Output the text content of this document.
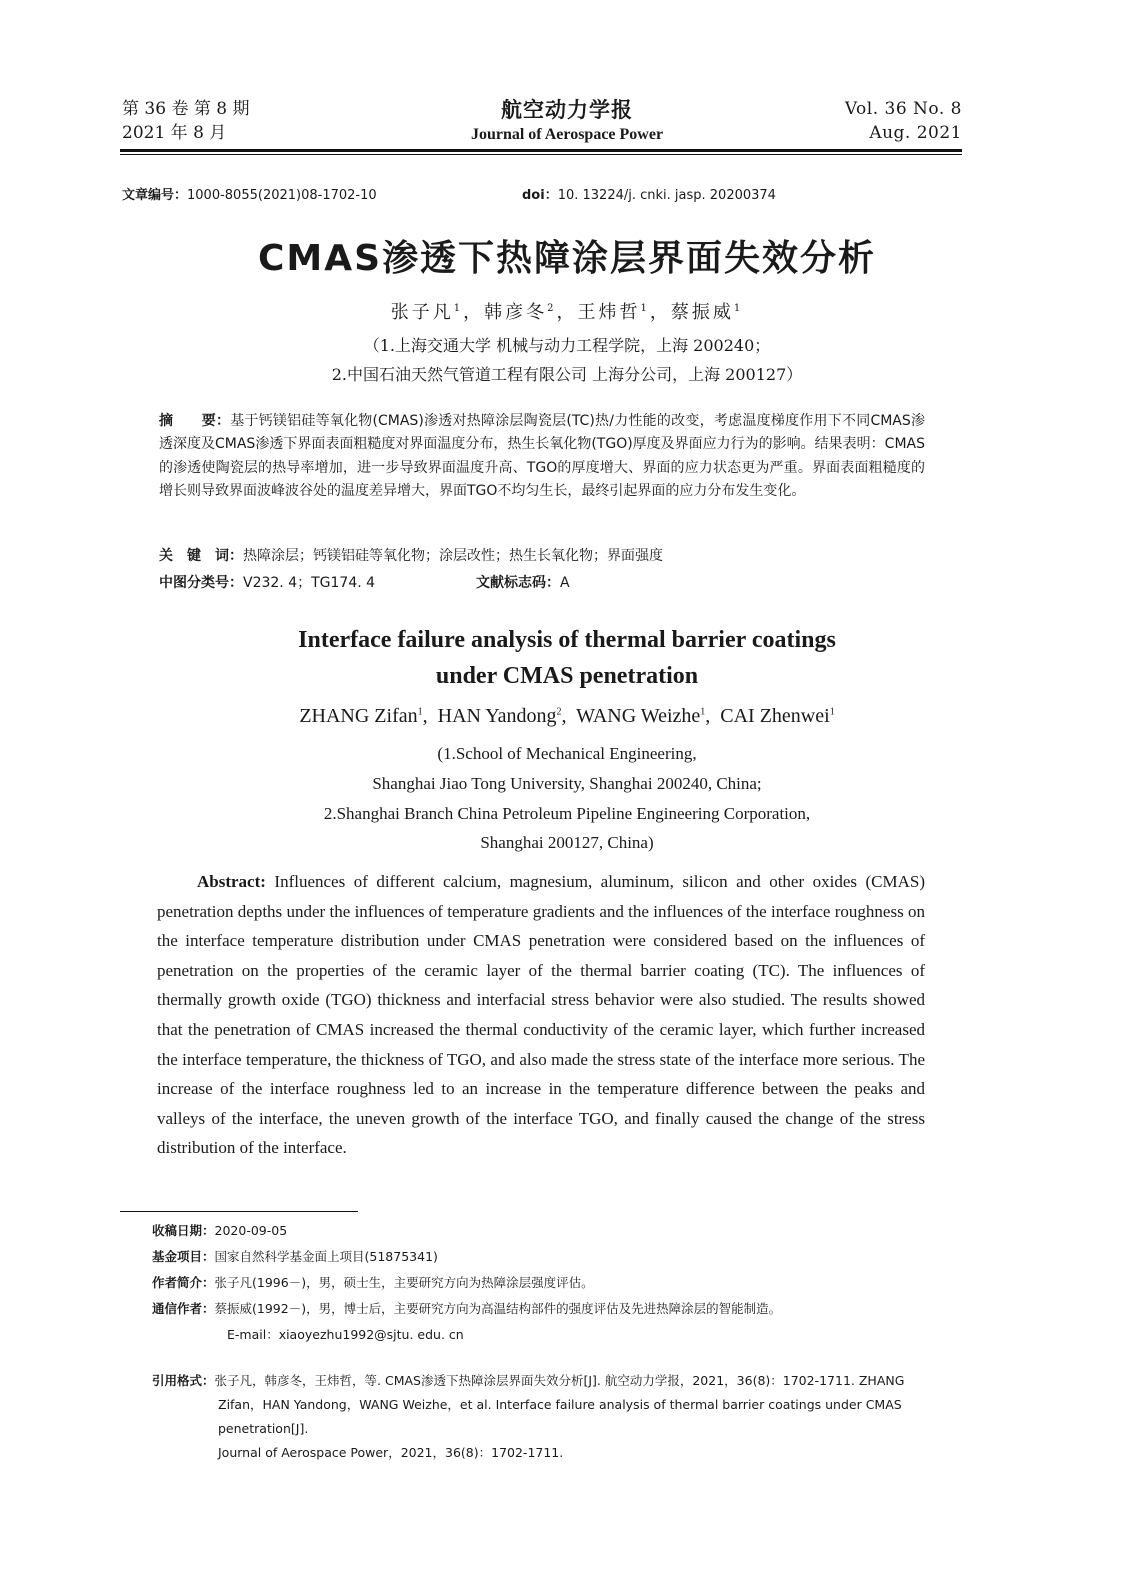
第 36 卷 第 8 期
2021 年 8 月
航空动力学报
Journal of Aerospace Power
Vol. 36 No. 8
Aug. 2021
文章编号：1000-8055(2021)08-1702-10	doi：10. 13224/j. cnki. jasp. 20200374
CMAS渗透下热障涂层界面失效分析
张子凡$^1$，韩彦冬$^2$，王炜哲$^1$，蔡振威$^1$
（1.上海交通大学 机械与动力工程学院，上海 200240；
2.中国石油天然气管道工程有限公司 上海分公司，上海 200127）
摘　　要：基于钙镁铝硅等氧化物(CMAS)渗透对热障涂层陶瓷层(TC)热/力性能的改变，考虑温度梯度作用下不同CMAS渗透深度及CMAS渗透下界面表面粗糙度对界面温度分布，热生长氧化物(TGO)厚度及界面应力行为的影响。结果表明：CMAS的渗透使陶瓷层的热导率增加，进一步导致界面温度升高、TGO的厚度增大、界面的应力状态更为严重。界面表面粗糙度的增长则导致界面波峰波谷处的温度差异增大，界面TGO不均匀生长，最终引起界面的应力分布发生变化。
关　键　词：热障涂层；钙镁铝硅等氧化物；涂层改性；热生长氧化物；界面强度
中图分类号：V232. 4；TG174. 4	文献标志码：A
Interface failure analysis of thermal barrier coatings
under CMAS penetration
ZHANG Zifan$^1$,  HAN Yandong$^2$,  WANG Weizhe$^1$,  CAI Zhenwei$^1$
(1.School of Mechanical Engineering,
Shanghai Jiao Tong University, Shanghai 200240, China;
2.Shanghai Branch China Petroleum Pipeline Engineering Corporation,
Shanghai 200127, China)
Abstract: Influences of different calcium, magnesium, aluminum, silicon and other oxides (CMAS) penetration depths under the influences of temperature gradients and the influences of the interface roughness on the interface temperature distribution under CMAS penetration were considered based on the influences of penetration on the properties of the ceramic layer of the thermal barrier coating (TC). The influences of thermally growth oxide (TGO) thickness and interfacial stress behavior were also studied. The results showed that the penetration of CMAS increased the thermal conductivity of the ceramic layer, which further increased the interface temperature, the thickness of TGO, and also made the stress state of the interface more serious. The increase of the interface roughness led to an increase in the temperature difference between the peaks and valleys of the interface, the uneven growth of the interface TGO, and finally caused the change of the stress distribution of the interface.
收稿日期：2020-09-05
基金项目：国家自然科学基金面上项目(51875341)
作者简介：张子凡(1996－)，男，硕士生，主要研究方向为热障涂层强度评估。
通信作者：蔡振威(1992－)，男，博士后，主要研究方向为高温结构部件的强度评估及先进热障涂层的智能制造。
E-mail：xiaoyezhu1992@sjtu. edu. cn
引用格式：张子凡，韩彦冬，王炜哲，等. CMAS渗透下热障涂层界面失效分析[J]. 航空动力学报，2021，36(8)：1702-1711. ZHANG
Zifan，HAN Yandong，WANG Weizhe，et al. Interface failure analysis of thermal barrier coatings under CMAS penetration[J].
Journal of Aerospace Power，2021，36(8)：1702-1711.
